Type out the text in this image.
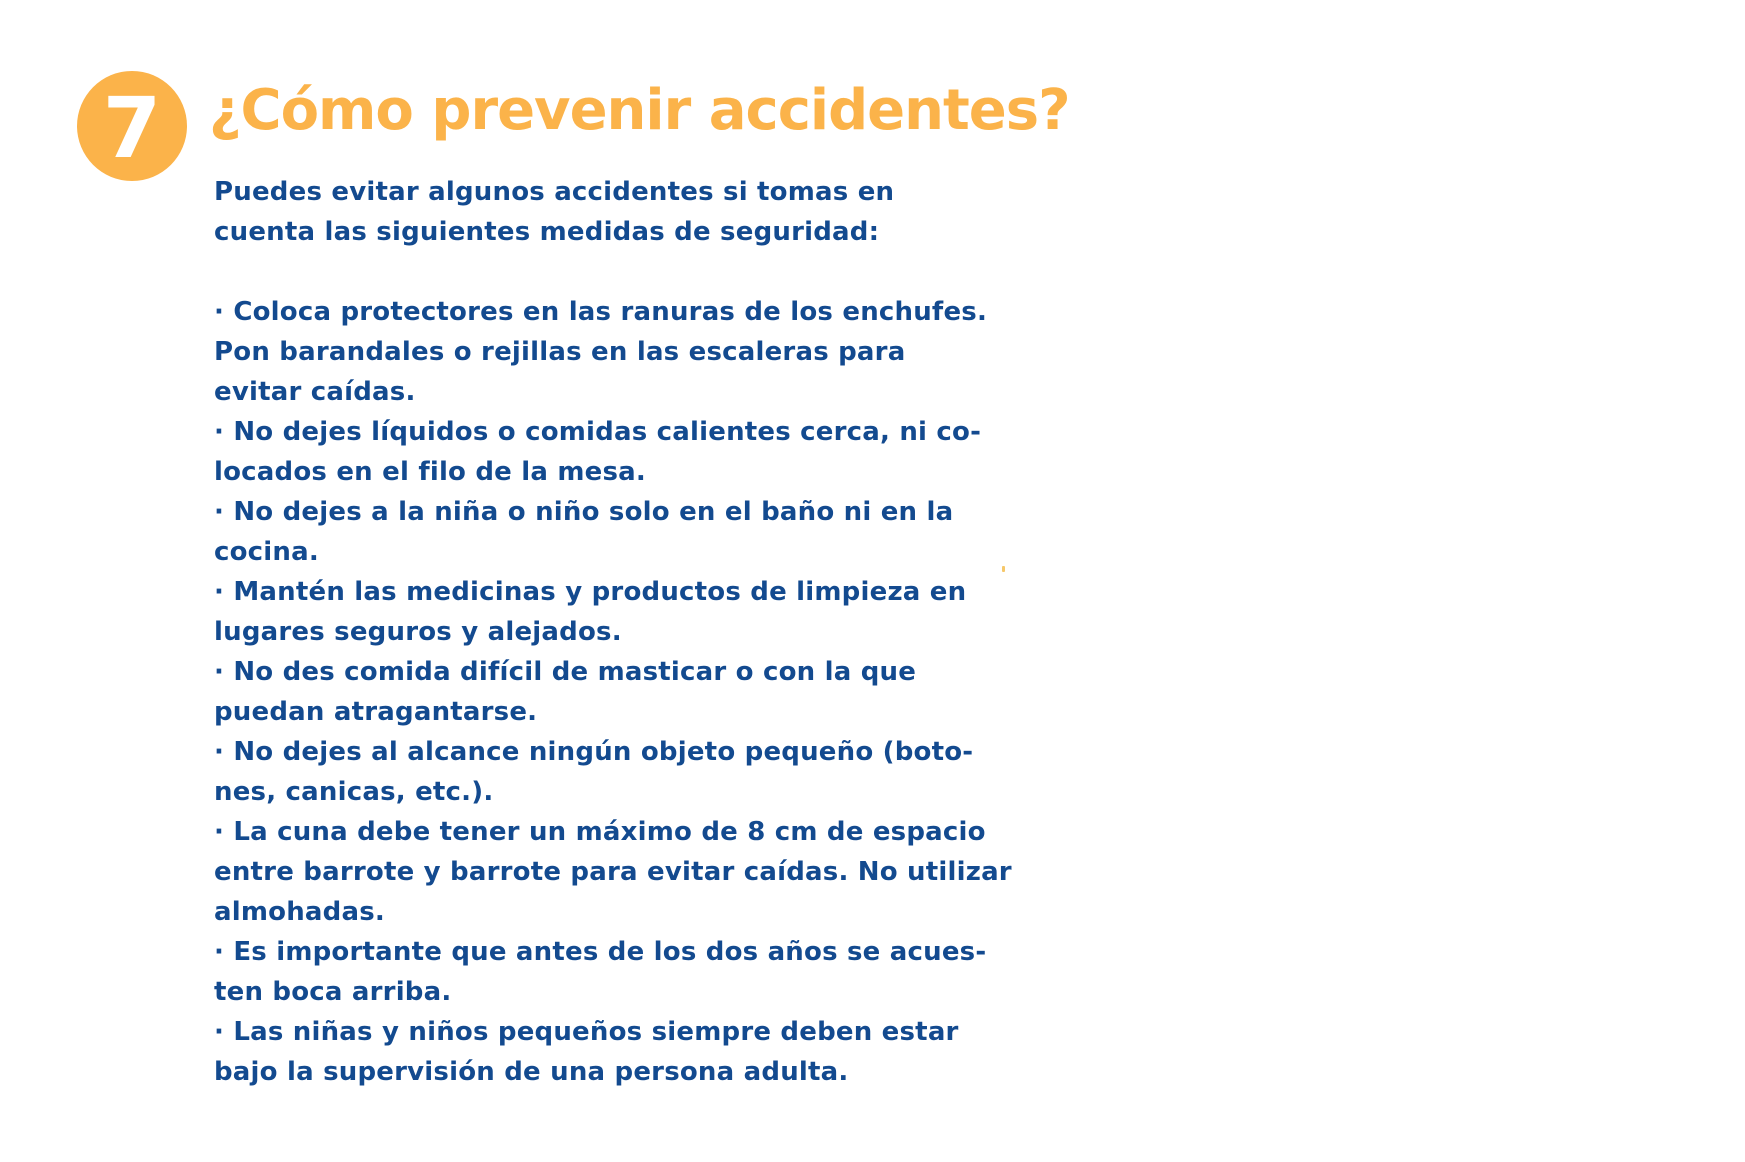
7 ¿Cómo prevenir accidentes?

Puedes evitar algunos accidentes si tomas en
cuenta las siguientes medidas de seguridad:

· Coloca protectores en las ranuras de los enchufes.
Pon barandales o rejillas en las escaleras para
evitar caídas.
· No dejes líquidos o comidas calientes cerca, ni co-
locados en el filo de la mesa.
· No dejes a la niña o niño solo en el baño ni en la
cocina.
· Mantén las medicinas y productos de limpieza en
lugares seguros y alejados.
· No des comida difícil de masticar o con la que
puedan atragantarse.
· No dejes al alcance ningún objeto pequeño (boto-
nes, canicas, etc.).
· La cuna debe tener un máximo de 8 cm de espacio
entre barrote y barrote para evitar caídas. No utilizar
almohadas.
· Es importante que antes de los dos años se acues-
ten boca arriba.
· Las niñas y niños pequeños siempre deben estar
bajo la supervisión de una persona adulta.
